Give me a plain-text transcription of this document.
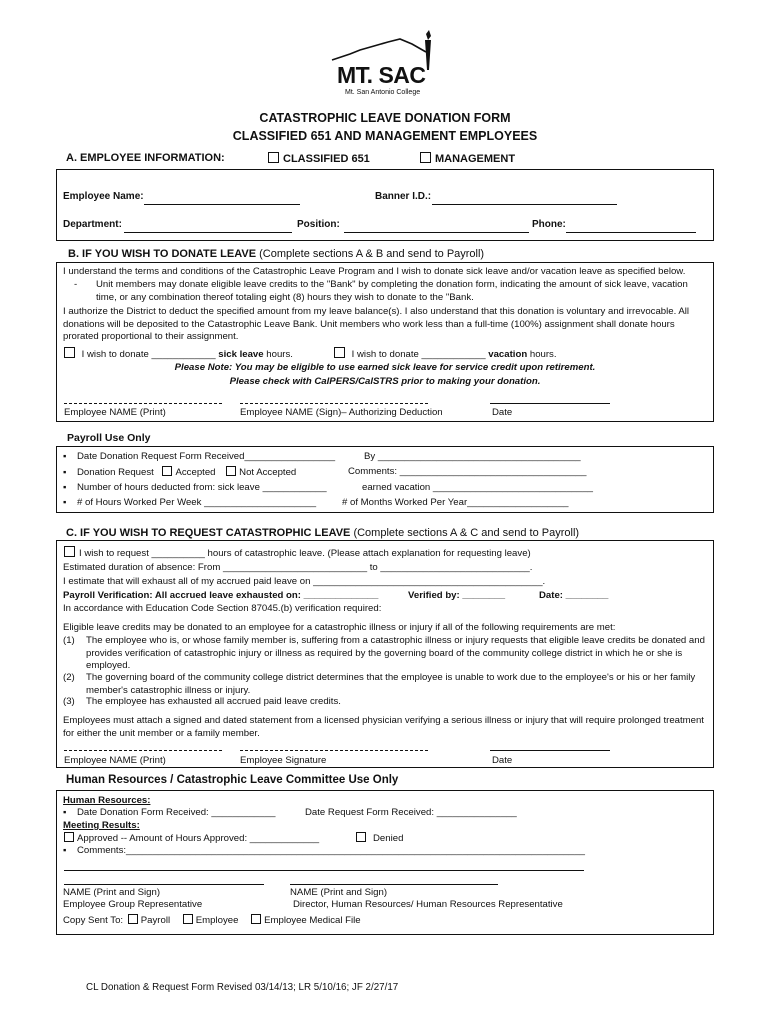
MT. SAC
Mt. San Antonio College
CATASTROPHIC LEAVE DONATION FORM
CLASSIFIED 651 AND MANAGEMENT EMPLOYEES
A. EMPLOYEE INFORMATION:	CLASSIFIED 651	MANAGEMENT
Employee Name:	Banner I.D.:
Department:	Position:	Phone:
B. IF YOU WISH TO DONATE LEAVE (Complete sections A & B and send to Payroll)
I understand the terms and conditions of the Catastrophic Leave Program and I wish to donate sick leave and/or vacation leave as specified below.
- Unit members may donate eligible leave credits to the "Bank" by completing the donation form, indicating the amount of sick leave, vacation time, or any combination thereof totaling eight (8) hours they wish to donate to the "Bank.
I authorize the District to deduct the specified amount from my leave balance(s). I also understand that this donation is voluntary and irrevocable. All donations will be deposited to the Catastrophic Leave Bank. Unit members who work less than a full-time (100%) assignment shall donate hours prorated proportional to their assignment.
I wish to donate ____________ sick leave hours.	I wish to donate ____________ vacation hours.
Please Note: You may be eligible to use earned sick leave for service credit upon retirement.
Please check with CalPERS/CalSTRS prior to making your donation.
Employee NAME (Print)	Employee NAME (Sign)– Authorizing Deduction	Date
Payroll Use Only
▪ Date Donation Request Form Received_________________	By ______________________________________
▪ Donation Request Accepted Not Accepted	Comments: ___________________________________
▪ Number of hours deducted from: sick leave ____________	earned vacation ______________________________
▪ # of Hours Worked Per Week _____________________	# of Months Worked Per Year___________________
C. IF YOU WISH TO REQUEST CATASTROPHIC LEAVE (Complete sections A & C and send to Payroll)
I wish to request __________ hours of catastrophic leave. (Please attach explanation for requesting leave)
Estimated duration of absence: From ___________________________ to ____________________________.
I estimate that will exhaust all of my accrued paid leave on ___________________________________________.
Payroll Verification: All accrued leave exhausted on: ______________	Verified by: ________	Date: ________
In accordance with Education Code Section 87045.(b) verification required:
Eligible leave credits may be donated to an employee for a catastrophic illness or injury if all of the following requirements are met:
(1) The employee who is, or whose family member is, suffering from a catastrophic illness or injury requests that eligible leave credits be donated and provides verification of catastrophic injury or illness as required by the governing board of the community college district in which he or she is employed.
(2) The governing board of the community college district determines that the employee is unable to work due to the employee's or his or her family member's catastrophic illness or injury.
(3) The employee has exhausted all accrued paid leave credits.
Employees must attach a signed and dated statement from a licensed physician verifying a serious illness or injury that will require prolonged treatment for either the unit member or a family member.
Employee NAME (Print)	Employee Signature	Date
Human Resources / Catastrophic Leave Committee Use Only
Human Resources:
▪ Date Donation Form Received: ____________	Date Request Form Received: _______________
Meeting Results:
Approved -- Amount of Hours Approved: _____________	Denied
▪ Comments:______________________________________________________________________________________
NAME (Print and Sign)
Employee Group Representative
NAME (Print and Sign)
Director, Human Resources/ Human Resources Representative
Copy Sent To: Payroll	Employee	Employee Medical File
CL Donation & Request Form Revised 03/14/13; LR 5/10/16; JF 2/27/17
